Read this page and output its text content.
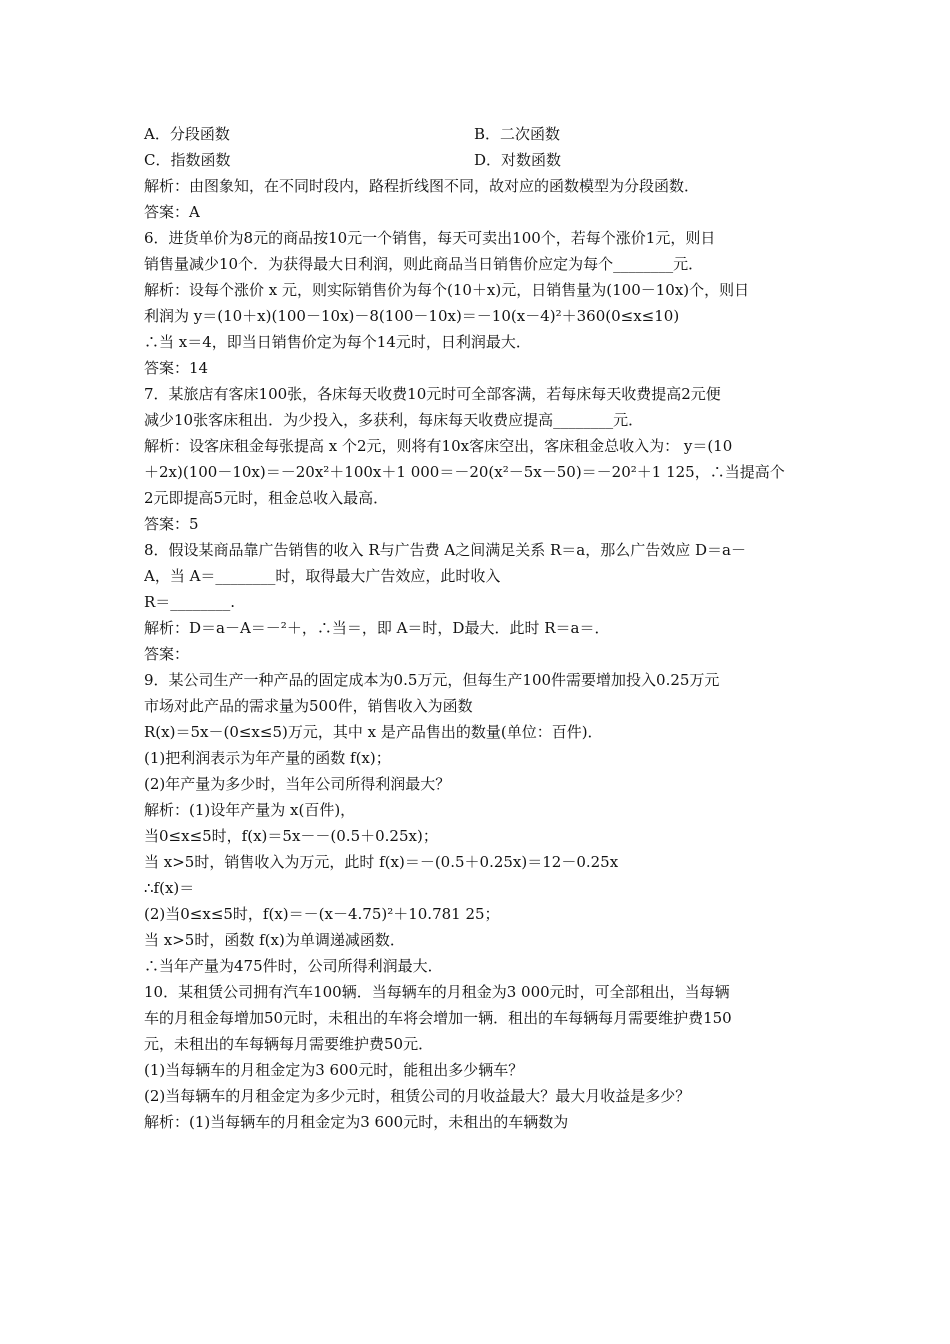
A．分段函数	B．二次函数
C．指数函数	D．对数函数
解析：由图象知，在不同时段内，路程折线图不同，故对应的函数模型为分段函数．
答案：A
6．进货单价为8元的商品按10元一个销售，每天可卖出100个，若每个涨价1元，则日
销售量减少10个．为获得最大日利润，则此商品当日销售价应定为每个________元．
解析：设每个涨价 x 元，则实际销售价为每个(10＋x)元，日销售量为(100－10x)个，则日
利润为 y＝(10＋x)(100－10x)－8(100－10x)＝－10(x－4)²＋360(0≤x≤10)
∴当 x＝4，即当日销售价定为每个14元时，日利润最大．
答案：14
7．某旅店有客床100张，各床每天收费10元时可全部客满，若每床每天收费提高2元便
减少10张客床租出．为少投入，多获利，每床每天收费应提高________元．
解析：设客床租金每张提高 x 个2元，则将有10x客床空出，客床租金总收入为： y＝(10
＋2x)(100－10x)＝－20x²＋100x＋1 000＝－20(x²－5x－50)＝－20²＋1 125，∴当提高个
2元即提高5元时，租金总收入最高．
答案：5
8．假设某商品靠广告销售的收入 R与广告费 A之间满足关系 R＝a，那么广告效应 D＝a－
A，当 A＝________时，取得最大广告效应，此时收入
R＝________.
解析：D＝a－A＝－²＋，∴当＝，即 A＝时，D最大．此时 R＝a＝．
答案：
9．某公司生产一种产品的固定成本为0.5万元，但每生产100件需要增加投入0.25万元
市场对此产品的需求量为500件，销售收入为函数
R(x)＝5x－(0≤x≤5)万元，其中 x 是产品售出的数量(单位：百件)．
(1)把利润表示为年产量的函数 f(x)；
(2)年产量为多少时，当年公司所得利润最大？
解析：(1)设年产量为 x(百件)，
当0≤x≤5时，f(x)＝5x－－(0.5＋0.25x)；
当 x>5时，销售收入为万元，此时 f(x)＝－(0.5＋0.25x)＝12－0.25x
∴f(x)＝
(2)当0≤x≤5时，f(x)＝－(x－4.75)²＋10.781 25；
当 x>5时，函数 f(x)为单调递减函数．
∴当年产量为475件时，公司所得利润最大．
10．某租赁公司拥有汽车100辆．当每辆车的月租金为3 000元时，可全部租出，当每辆
车的月租金每增加50元时，未租出的车将会增加一辆．租出的车每辆每月需要维护费150
元，未租出的车每辆每月需要维护费50元．
(1)当每辆车的月租金定为3 600元时，能租出多少辆车？
(2)当每辆车的月租金定为多少元时，租赁公司的月收益最大？最大月收益是多少？
解析：(1)当每辆车的月租金定为3 600元时，未租出的车辆数为
